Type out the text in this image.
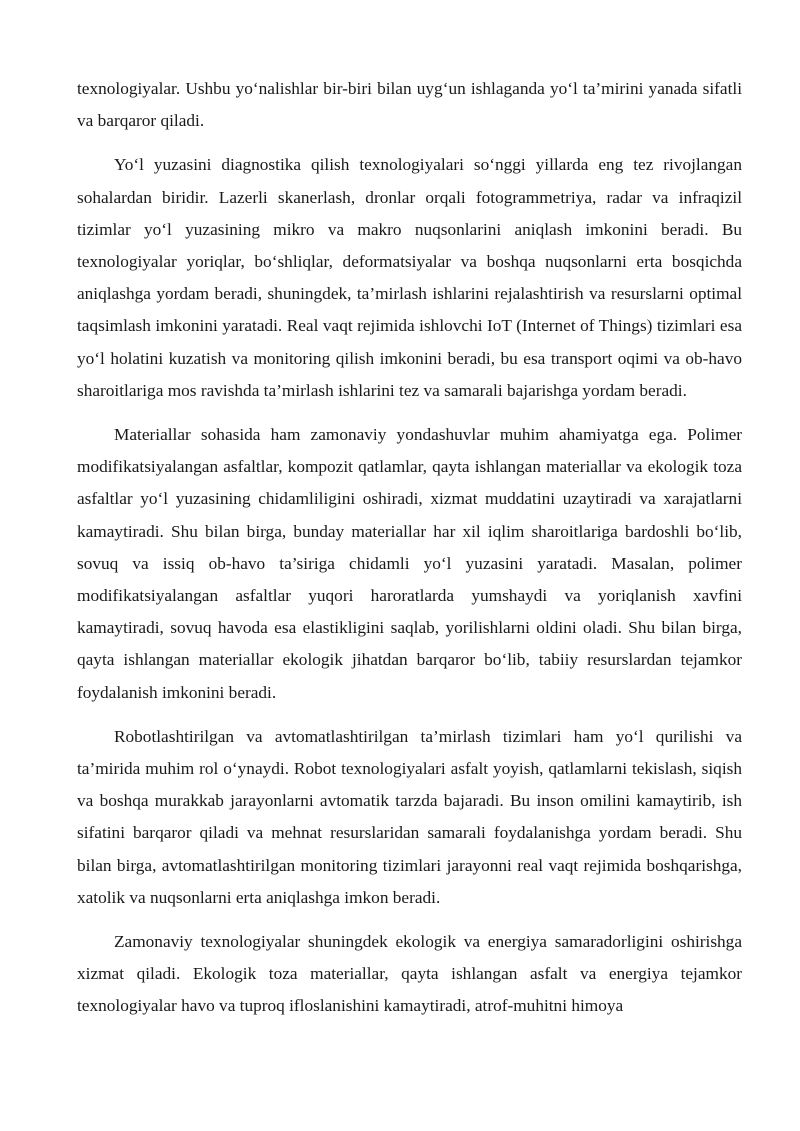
texnologiyalar. Ushbu yo‘nalishlar bir-biri bilan uyg‘un ishlaganda yo‘l ta’mirini yanada sifatli va barqaror qiladi.

Yo‘l yuzasini diagnostika qilish texnologiyalari so‘nggi yillarda eng tez rivojlangan sohalardan biridir. Lazerli skanerlash, dronlar orqali fotogrammetriya, radar va infraqizil tizimlar yo‘l yuzasining mikro va makro nuqsonlarini aniqlash imkonini beradi. Bu texnologiyalar yoriqlar, bo‘shliqlar, deformatsiyalar va boshqa nuqsonlarni erta bosqichda aniqlashga yordam beradi, shuningdek, ta’mirlash ishlarini rejalashtirish va resurslarni optimal taqsimlash imkonini yaratadi. Real vaqt rejimida ishlovchi IoT (Internet of Things) tizimlari esa yo‘l holatini kuzatish va monitoring qilish imkonini beradi, bu esa transport oqimi va ob-havo sharoitlariga mos ravishda ta’mirlash ishlarini tez va samarali bajarishga yordam beradi.

Materiallar sohasida ham zamonaviy yondashuvlar muhim ahamiyatga ega. Polimer modifikatsiyalangan asfaltlar, kompozit qatlamlar, qayta ishlangan materiallar va ekologik toza asfaltlar yo‘l yuzasining chidamliligini oshiradi, xizmat muddatini uzaytiradi va xarajatlarni kamaytiradi. Shu bilan birga, bunday materiallar har xil iqlim sharoitlariga bardoshli bo‘lib, sovuq va issiq ob-havo ta’siriga chidamli yo‘l yuzasini yaratadi. Masalan, polimer modifikatsiyalangan asfaltlar yuqori haroratlarda yumshaydi va yoriqlanish xavfini kamaytiradi, sovuq havoda esa elastikligini saqlab, yorilishlarni oldini oladi. Shu bilan birga, qayta ishlangan materiallar ekologik jihatdan barqaror bo‘lib, tabiiy resurslardan tejamkor foydalanish imkonini beradi.

Robotlashtirilgan va avtomatlashtirilgan ta’mirlash tizimlari ham yo‘l qurilishi va ta’mirida muhim rol o‘ynaydi. Robot texnologiyalari asfalt yoyish, qatlamlarni tekislash, siqish va boshqa murakkab jarayonlarni avtomatik tarzda bajaradi. Bu inson omilini kamaytirib, ish sifatini barqaror qiladi va mehnat resurslaridan samarali foydalanishga yordam beradi. Shu bilan birga, avtomatlashtirilgan monitoring tizimlari jarayonni real vaqt rejimida boshqarishga, xatolik va nuqsonlarni erta aniqlashga imkon beradi.

Zamonaviy texnologiyalar shuningdek ekologik va energiya samaradorligini oshirishga xizmat qiladi. Ekologik toza materiallar, qayta ishlangan asfalt va energiya tejamkor texnologiyalar havo va tuproq ifloslanishini kamaytiradi, atrof-muhitni himoya
